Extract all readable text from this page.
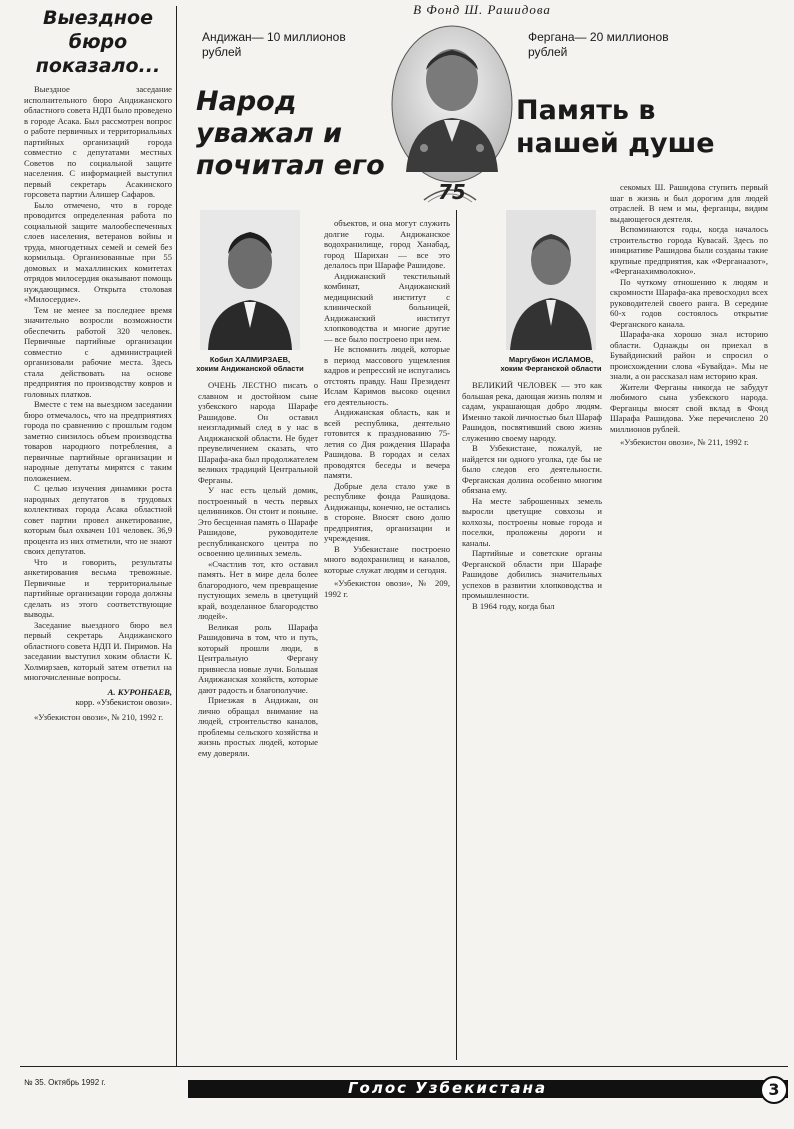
Выездное бюро показало...

Выездное заседание исполнительного бюро Андижанского областного совета НДП было проведено в городе Асака. Был рассмотрен вопрос о работе первичных и территориальных партийных организаций города совместно с депутатами местных Советов по социальной защите населения. С информацией выступил первый секретарь Асакинского горсовета партии Алишер Сафаров.

Было отмечено, что в городе проводится определенная работа по социальной защите малообеспеченных слоев населения, ветеранов войны и труда, многодетных семей и семей без кормильца. Организованные при 55 домовых и махаллинских комитетах отрядов милосердия оказывают помощь нуждающимся. Открыта столовая «Милосердие».

Тем не менее за последнее время значительно возросли возможности обеспечить работой 320 человек. Первичные партийные организации совместно с администрацией организовали рабочие места. Здесь стала действовать на основе предприятия по производству ковров и головных платков.

Вместе с тем на выездном заседании бюро отмечалось, что на предприятиях города по сравнению с прошлым годом заметно снизилось объем производства товаров народного потребления, а первичные партийные организации и народные депутаты мирятся с таким положением.

С целью изучения динамики роста народных депутатов в трудовых коллективах города Асака областной совет партии провел анкетирование, которым был охвачен 101 человек. 36,9 процента из них отметили, что не знают своих депутатов.

Что и говорить, результаты анкетирования весьма тревожные. Первичные и территориальные партийные организации города должны сделать из этого соответствующие выводы.

Заседание выездного бюро вел первый секретарь Андижанского областного совета НДП И. Пиримов. На заседании выступил хоким области К. Холмирзаев, который затем ответил на многочисленные вопросы.

А. КУРОНБАЕВ,
корр. «Узбекистон овози».
«Узбекистон овози», № 210, 1992 г.
В Фонд Ш. Рашидова
Андижан— 10 миллионов рублей
Фергана— 20 миллионов рублей
Народ уважал и почитал его
Память в нашей душе
75
Кобил ХАЛМИРЗАЕВ,
хоким Андижанской области
Маргубжон ИСЛАМОВ,
хоким Ферганской области

ОЧЕНЬ ЛЕСТНО писать о славном и достойном сыне узбекского народа Шарафе Рашидове. Он оставил неизгладимый след в у нас в Андижанской области. Не будет преувеличением сказать, что Шарафа-ака был продолжателем великих традиций Центральной Ферганы.

У нас есть целый домик, построенный в честь первых целинников. Он стоит и поныне. Это бесценная память о Шарафе Рашидове, руководителе республиканского центра по освоению целинных земель.

«Счастлив тот, кто оставил память. Нет в мире дела более благородного, чем превращение пустующих земель в цветущий край, возделанное благородство людей».

Великая роль Шарафа Рашидовича в том, что и путь, который прошли люди, в Центральную Фергану привнесла новые лучи. Большая Андижанская хозяйств, которые дают радость и благополучие.

Приезжая в Андижан, он лично обращал внимание на людей, строительство каналов, проблемы сельского хозяйства и жизнь простых людей, которые ему доверяли.

объектов, и она могут служить долгие годы. Андижанское водохранилище, город Ханабад, город Шарихан — все это делалось при Шарафе Рашидове.

Андижанский текстильный комбинат, Андижанский медицинский институт с клинической больницей, Андижанский институт хлопководства и многие другие — все было построено при нем.

Не вспомнить людей, которые в период массового ущемления кадров и репрессий не испугались отстоять правду. Наш Президент Ислам Каримов высоко оценил его деятельность.

Андижанская область, как и всей республика, деятельно готовится к празднованию 75-летия со Дня рождения Шарафа Рашидова. В городах и селах проводятся беседы и вечера памяти.

Добрые дела стало уже в республике фонда Рашидова. Андижанцы, конечно, не остались в стороне. Вносят свою долю предприятия, организации и учреждения.

В Узбекистане построено много водохранилищ и каналов, которые служат людям и сегодня.

«Узбекистон овози», № 209, 1992 г.

ВЕЛИКИЙ ЧЕЛОВЕК — это как большая река, дающая жизнь полям и садам, украшающая добро людям. Именно такой личностью был Шараф Рашидов, посвятивший свою жизнь служению своему народу.

В Узбекистане, пожалуй, не найдется ни одного уголка, где бы не было следов его деятельности. Ферганская долина особенно многим обязана ему.

На месте заброшенных земель выросли цветущие совхозы и колхозы, построены новые города и поселки, проложены дороги и каналы.

Партийные и советские органы Ферганской области при Шарафе Рашидове добились значительных успехов в развитии хлопководства и промышленности.

В 1964 году, когда был

секомых Ш. Рашидова ступить первый шаг в жизнь и был дорогим для людей отраслей. В нем и мы, ферганцы, видим выдающегося деятеля.

Вспоминаются годы, когда началось строительство города Кувасай. Здесь по инициативе Рашидова были созданы такие крупные предприятия, как «Ферганаазот», «Ферганахимволокно».

По чуткому отношению к людям и скромности Шарафа-ака превосходил всех руководителей своего ранга. В середине 60-х годов состоялось открытие Ферганского канала.

Шарафа-ака хорошо знал историю области. Однажды он приехал в Бувайдинский район и спросил о происхождении слова «Бувайда». Мы не знали, а он рассказал нам историю края.

Жители Ферганы никогда не забудут любимого сына узбекского народа. Ферганцы вносят свой вклад в Фонд Шарафа Рашидова. Уже перечислено 20 миллионов рублей.

«Узбекистон овози», № 211, 1992 г.

№ 35. Октябрь 1992 г.	Голос Узбекистана	3
